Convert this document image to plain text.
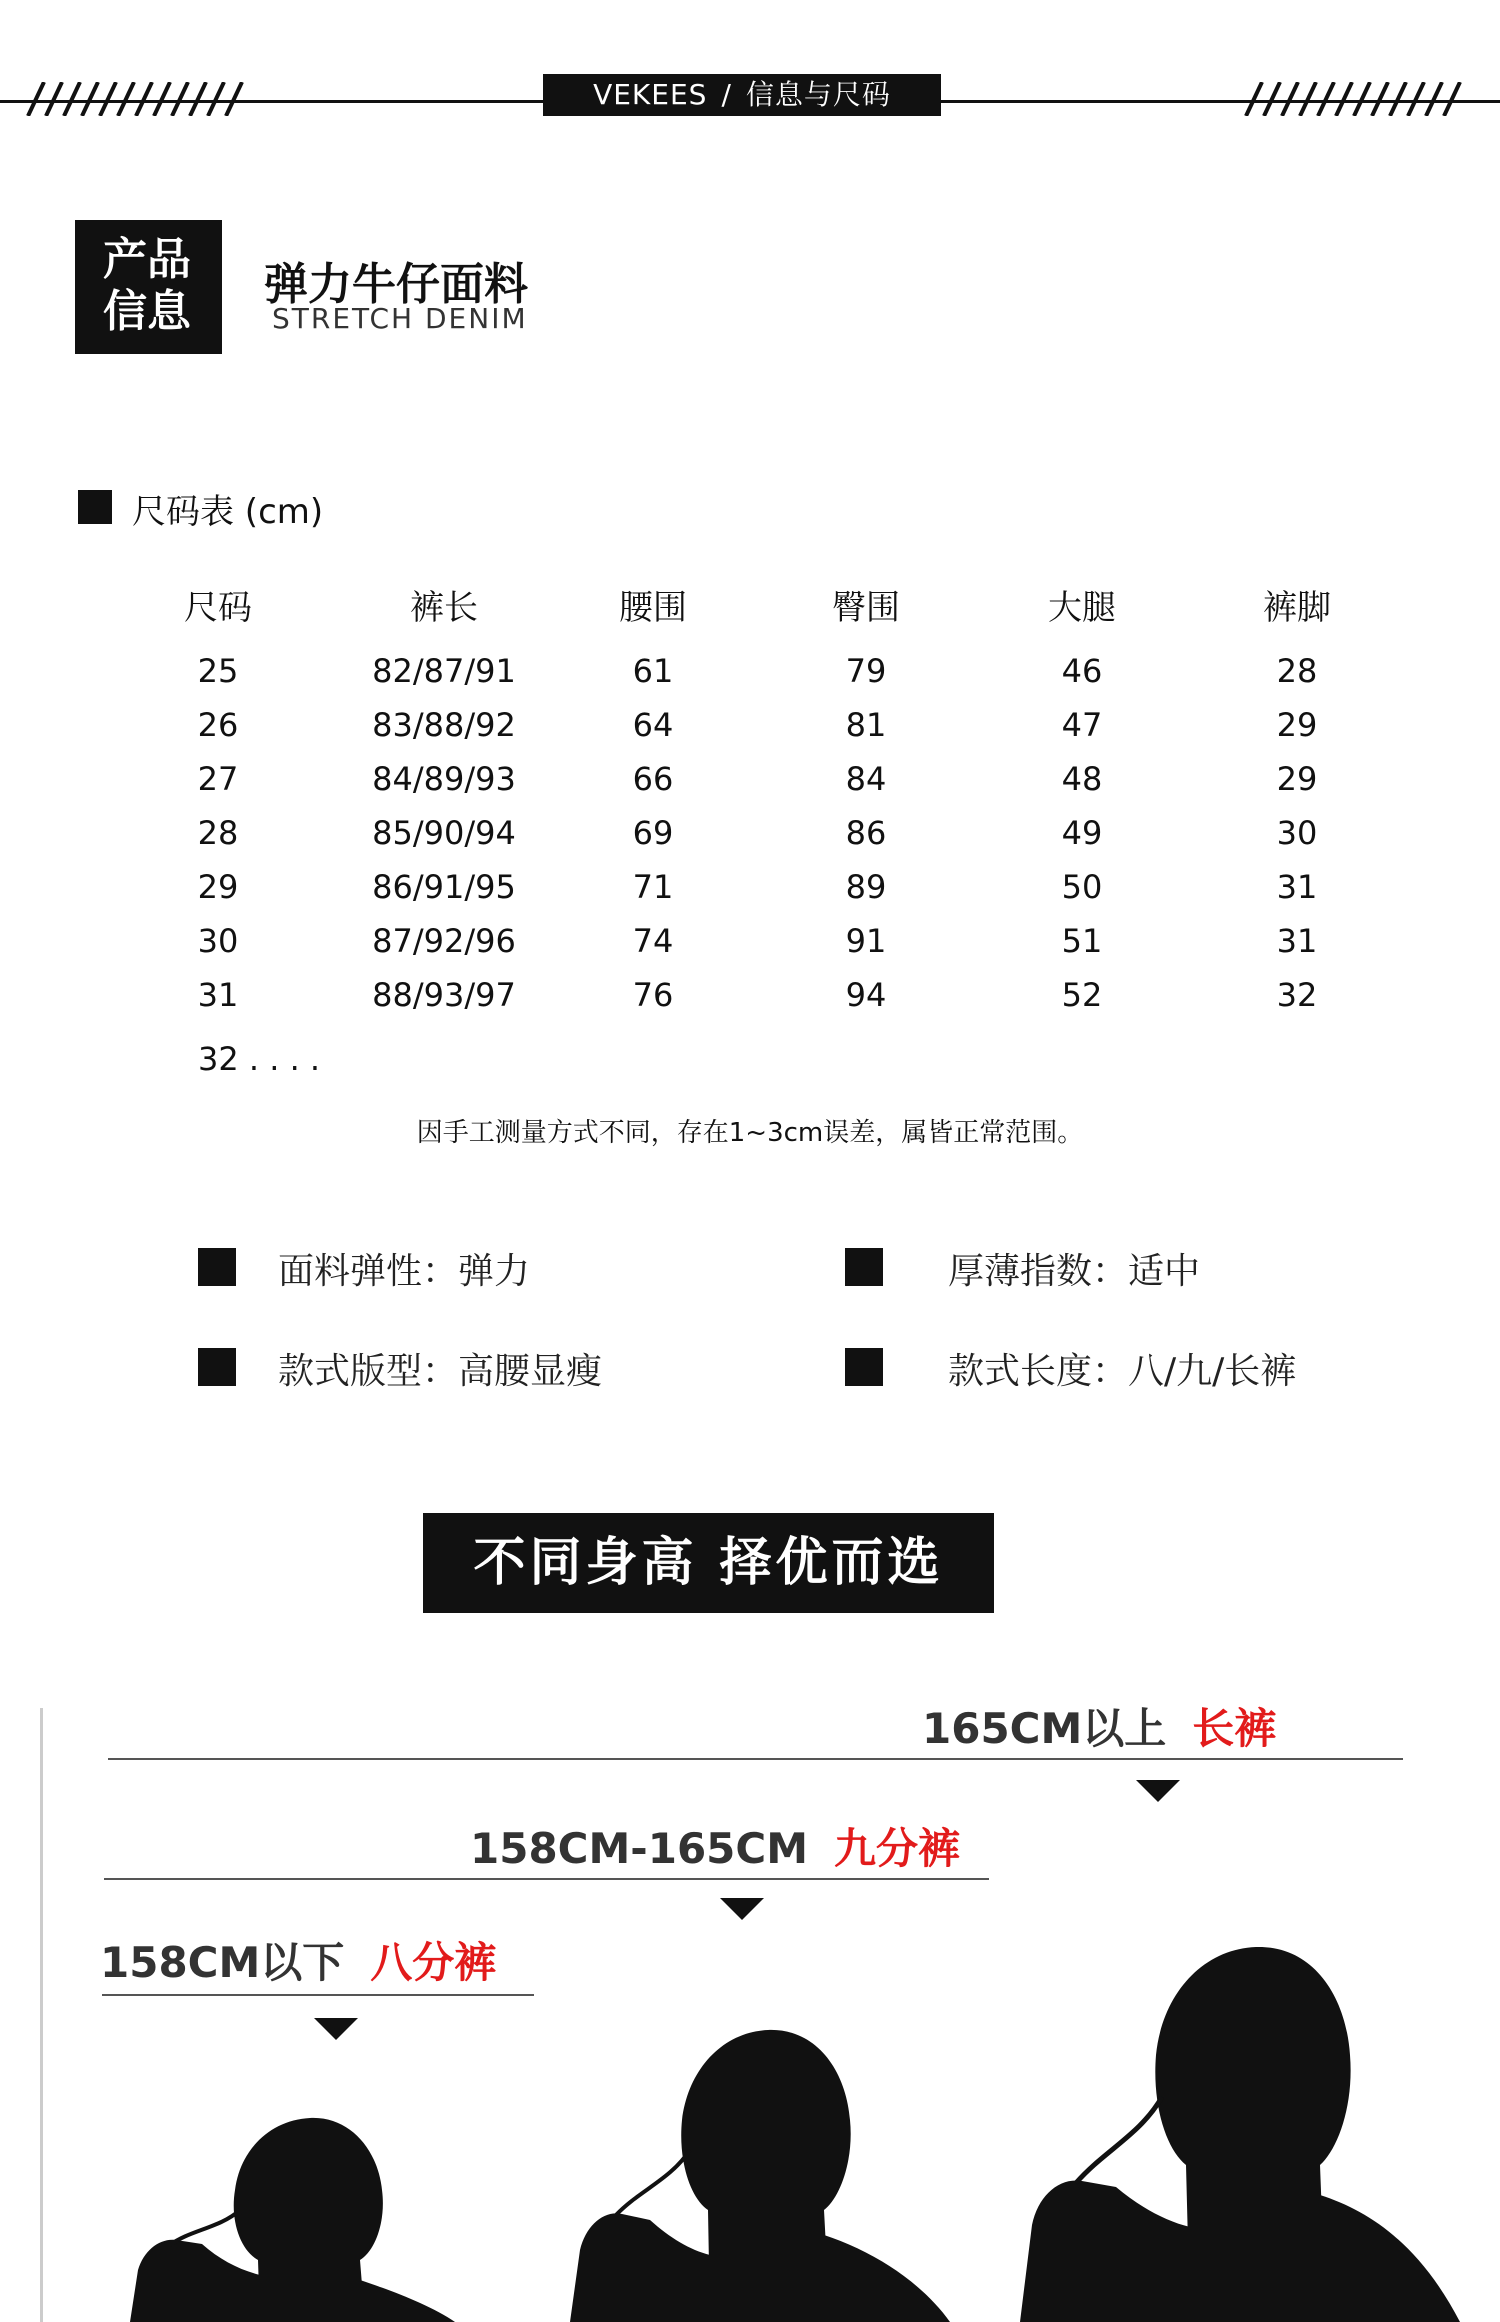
VEKEES / 信息与尺码
产品
信息
弹力牛仔面料
STRETCH DENIM
尺码表 (cm)
尺码	裤长	腰围	臀围	大腿	裤脚
25	82/87/91	61	79	46	28
26	83/88/92	64	81	47	29
27	84/89/93	66	84	48	29
28	85/90/94	69	86	49	30
29	86/91/95	71	89	50	31
30	87/92/96	74	91	51	31
31	88/93/97	76	94	52	32
32 . . . .
因手工测量方式不同，存在1~3cm误差，属皆正常范围。
面料弹性：弹力	厚薄指数：适中
款式版型：高腰显瘦	款式长度：八/九/长裤
不同身高 择优而选
165CM以上 长裤
158CM-165CM 九分裤
158CM以下 八分裤
